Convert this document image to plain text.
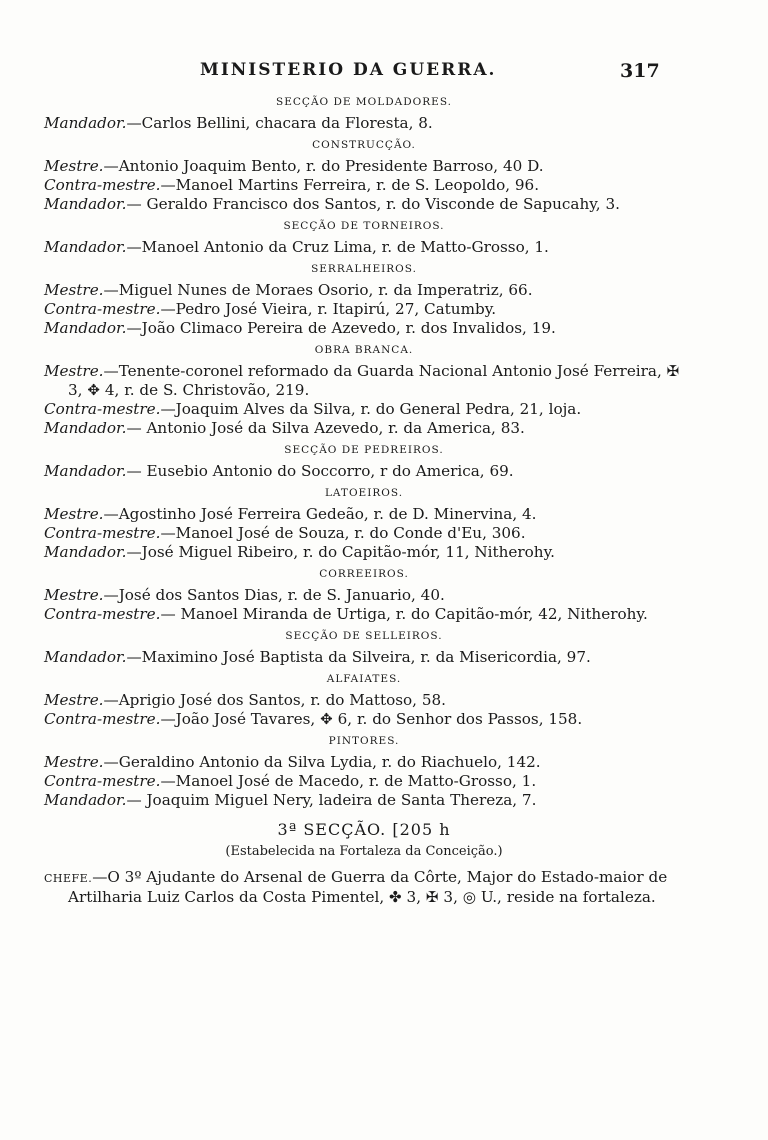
MINISTERIO DA GUERRA.	317
SECÇÃO DE MOLDADORES.

Mandador.—Carlos Bellini, chacara da Floresta, 8.

CONSTRUCÇÃO.

Mestre.—Antonio Joaquim Bento, r. do Presidente Barroso, 40 D.

Contra-mestre.—Manoel Martins Ferreira, r. de S. Leopoldo, 96.

Mandador.— Geraldo Francisco dos Santos, r. do Visconde de Sapucahy, 3.

SECÇÃO DE TORNEIROS.

Mandador.—Manoel Antonio da Cruz Lima, r. de Matto-Grosso, 1.

SERRALHEIROS.

Mestre.—Miguel Nunes de Moraes Osorio, r. da Imperatriz, 66.

Contra-mestre.—Pedro José Vieira, r. Itapirú, 27, Catumby.

Mandador.—João Climaco Pereira de Azevedo, r. dos Invalidos, 19.

OBRA BRANCA.

Mestre.—Tenente-coronel reformado da Guarda Nacional Antonio José Ferreira, ✠ 3, ✥ 4, r. de S. Christovão, 219.

Contra-mestre.—Joaquim Alves da Silva, r. do General Pedra, 21, loja.

Mandador.— Antonio José da Silva Azevedo, r. da America, 83.

SECÇÃO DE PEDREIROS.

Mandador.— Eusebio Antonio do Soccorro, r do America, 69.

LATOEIROS.

Mestre.—Agostinho José Ferreira Gedeão, r. de D. Minervina, 4.

Contra-mestre.—Manoel José de Souza, r. do Conde d'Eu, 306.

Mandador.—José Miguel Ribeiro, r. do Capitão-mór, 11, Nitherohy.

CORREEIROS.

Mestre.—José dos Santos Dias, r. de S. Januario, 40.

Contra-mestre.— Manoel Miranda de Urtiga, r. do Capitão-mór, 42, Nitherohy.

SECÇÃO DE SELLEIROS.

Mandador.—Maximino José Baptista da Silveira, r. da Misericordia, 97.

ALFAIATES.

Mestre.—Aprigio José dos Santos, r. do Mattoso, 58.

Contra-mestre.—João José Tavares, ✥ 6, r. do Senhor dos Passos, 158.

PINTORES.

Mestre.—Geraldino Antonio da Silva Lydia, r. do Riachuelo, 142.

Contra-mestre.—Manoel José de Macedo, r. de Matto-Grosso, 1.

Mandador.— Joaquim Miguel Nery, ladeira de Santa Thereza, 7.

3ª SECÇÃO. [205 h
(Estabelecida na Fortaleza da Conceição.)

CHEFE.—O 3º Ajudante do Arsenal de Guerra da Côrte, Major do Estado-maior de Artilharia Luiz Carlos da Costa Pimentel, ✤ 3, ✠ 3, ◎ U., reside na fortaleza.
